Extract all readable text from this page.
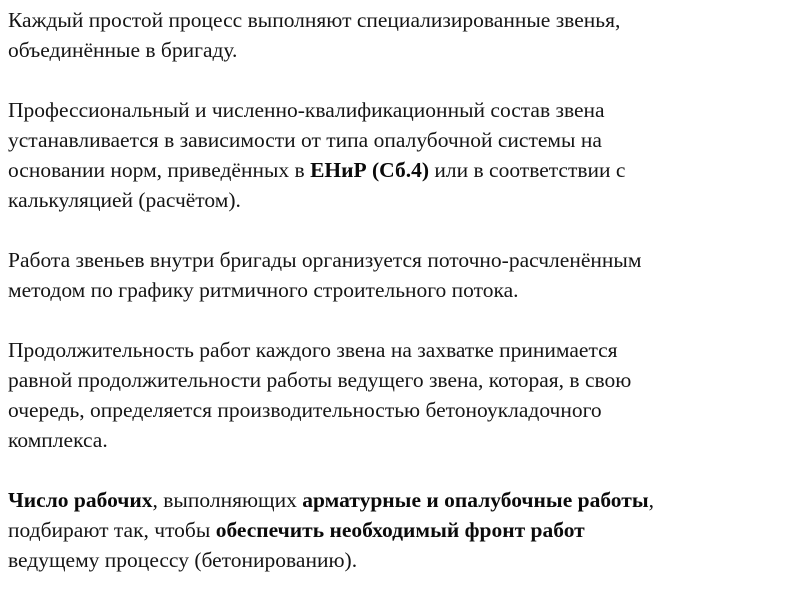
Каждый простой процесс выполняют специализированные звенья,
объединённые в бригаду.

Профессиональный и численно-квалификационный состав звена
устанавливается в зависимости от типа опалубочной системы на
основании норм, приведённых в ЕНиР (Сб.4) или в соответствии с
калькуляцией (расчётом).

Работа звеньев внутри бригады организуется поточно-расчленённым
методом по графику ритмичного строительного потока.

Продолжительность работ каждого звена на захватке принимается
равной продолжительности работы ведущего звена, которая, в свою
очередь, определяется производительностью бетоноукладочного
комплекса.

Число рабочих, выполняющих арматурные и опалубочные работы,
подбирают так, чтобы обеспечить необходимый фронт работ
ведущему процессу (бетонированию).
